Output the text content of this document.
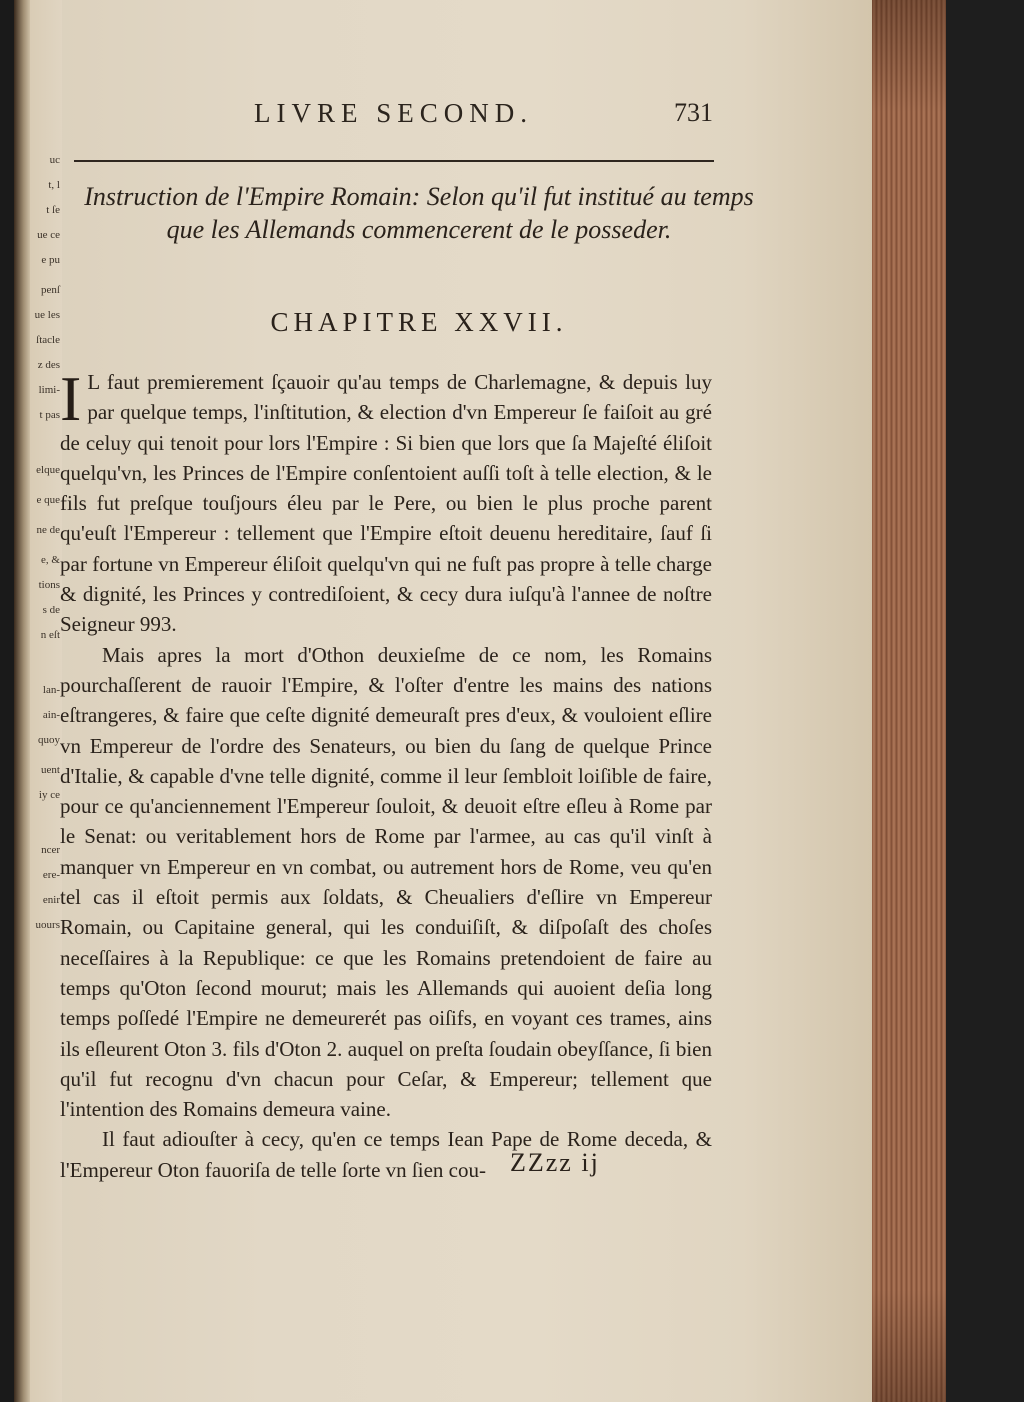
uc
t, l
t ſe
ue ce
e pu
penſ
ue les
ſtacle
z des
limi-
t pas
elque
e que
ne de
e, &
tions
s de
n eſt
lan-
ain-
quoy
uent
iy ce
ncer
ere-
enir
uours
LIVRE SECOND.	731
Instruction de l'Empire Romain: Selon qu'il fut institué au temps que les Allemands commencerent de le posseder.
CHAPITRE XXVII.

I L faut premierement ſçauoir qu'au temps de Charlemagne, & depuis luy par quelque temps, l'inſtitution, & election d'vn Empereur ſe faiſoit au gré de celuy qui tenoit pour lors l'Empire : Si bien que lors que ſa Majeſté éliſoit quelqu'vn, les Princes de l'Empire conſentoient auſſi toſt à telle election, & le fils fut preſque touſjours éleu par le Pere, ou bien le plus proche parent qu'euſt l'Empereur : tellement que l'Empire eſtoit deuenu hereditaire, ſauf ſi par fortune vn Empereur éliſoit quelqu'vn qui ne fuſt pas propre à telle charge & dignité, les Princes y contrediſoient, & cecy dura iuſqu'à l'annee de noſtre Seigneur 993.

Mais apres la mort d'Othon deuxieſme de ce nom, les Romains pourchaſſerent de rauoir l'Empire, & l'oſter d'entre les mains des nations eſtrangeres, & faire que ceſte dignité demeuraſt pres d'eux, & vouloient eſlire vn Empereur de l'ordre des Senateurs, ou bien du ſang de quelque Prince d'Italie, & capable d'vne telle dignité, comme il leur ſembloit loiſible de faire, pour ce qu'anciennement l'Empereur ſouloit, & deuoit eſtre eſleu à Rome par le Senat: ou veritablement hors de Rome par l'armee, au cas qu'il vinſt à manquer vn Empereur en vn combat, ou autrement hors de Rome, veu qu'en tel cas il eſtoit permis aux ſoldats, & Cheualiers d'eſlire vn Empereur Romain, ou Capitaine general, qui les conduiſiſt, & diſpoſaſt des choſes neceſſaires à la Republique: ce que les Romains pretendoient de faire au temps qu'Oton ſecond mourut; mais les Allemands qui auoient deſia long temps poſſedé l'Empire ne demeurerét pas oiſifs, en voyant ces trames, ains ils eſleurent Oton 3. fils d'Oton 2. auquel on preſta ſoudain obeyſſance, ſi bien qu'il fut recognu d'vn chacun pour Ceſar, & Empereur; tellement que l'intention des Romains demeura vaine.

Il faut adiouſter à cecy, qu'en ce temps Iean Pape de Rome deceda, & l'Empereur Oton fauoriſa de telle ſorte vn ſien cou- ZZzz ij
